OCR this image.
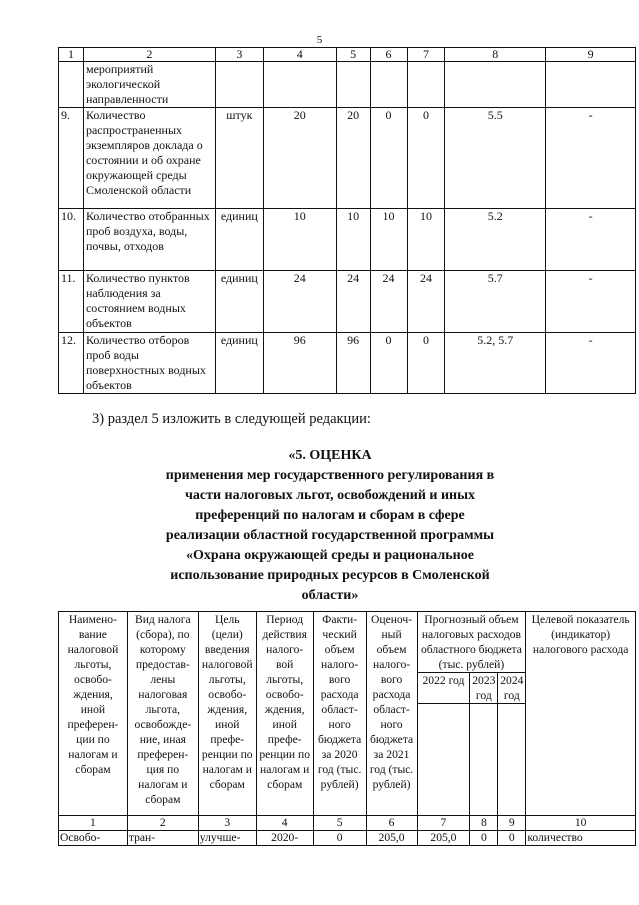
5
1	2	3	4	5	6	7	8	9
	мероприятий экологической направленности							
9.	Количество распространенных экземпляров доклада о состоянии и об охране окружающей среды Смоленской области	штук	20	20	0	0	5.5	-
10.	Количество отобранных проб воздуха, воды, почвы, отходов	единиц	10	10	10	10	5.2	-
11.	Количество пунктов наблюдения за состоянием водных объектов	единиц	24	24	24	24	5.7	-
12.	Количество отборов проб воды поверхностных водных объектов	единиц	96	96	0	0	5.2, 5.7	-
3) раздел 5 изложить в следующей редакции:
«5. ОЦЕНКА
применения мер государственного регулирования в
части налоговых льгот, освобождений и иных
преференций по налогам и сборам в сфере
реализации областной государственной программы
«Охрана окружающей среды и рациональное
использование природных ресурсов в Смоленской
области»
Наимено-вание налоговой льготы, освобо-ждения, иной преферен-ции по налогам и сборам	Вид налога (сбора), по которому предостав-лены налоговая льгота, освобожде-ние, иная преферен-ция по налогам и сборам	Цель (цели) введения налоговой льготы, освобо-ждения, иной префе-ренции по налогам и сборам	Период действия налого-вой льготы, освобо-ждения, иной префе-ренции по налогам и сборам	Факти-ческий объем налого-вого расхода област-ного бюджета за 2020 год (тыс. рублей)	Оценоч-ный объем налого-вого расхода област-ного бюджета за 2021 год (тыс. рублей)	Прогнозный объем налоговых расходов областного бюджета (тыс. рублей)			Целевой показатель (индикатор) налогового расхода
						2022 год	2023 год	2024 год	

1	2	3	4	5	6	7	8	9	10
Освобо-	тран-	улучше-	2020-	0	205,0	205,0	0	0	количество
